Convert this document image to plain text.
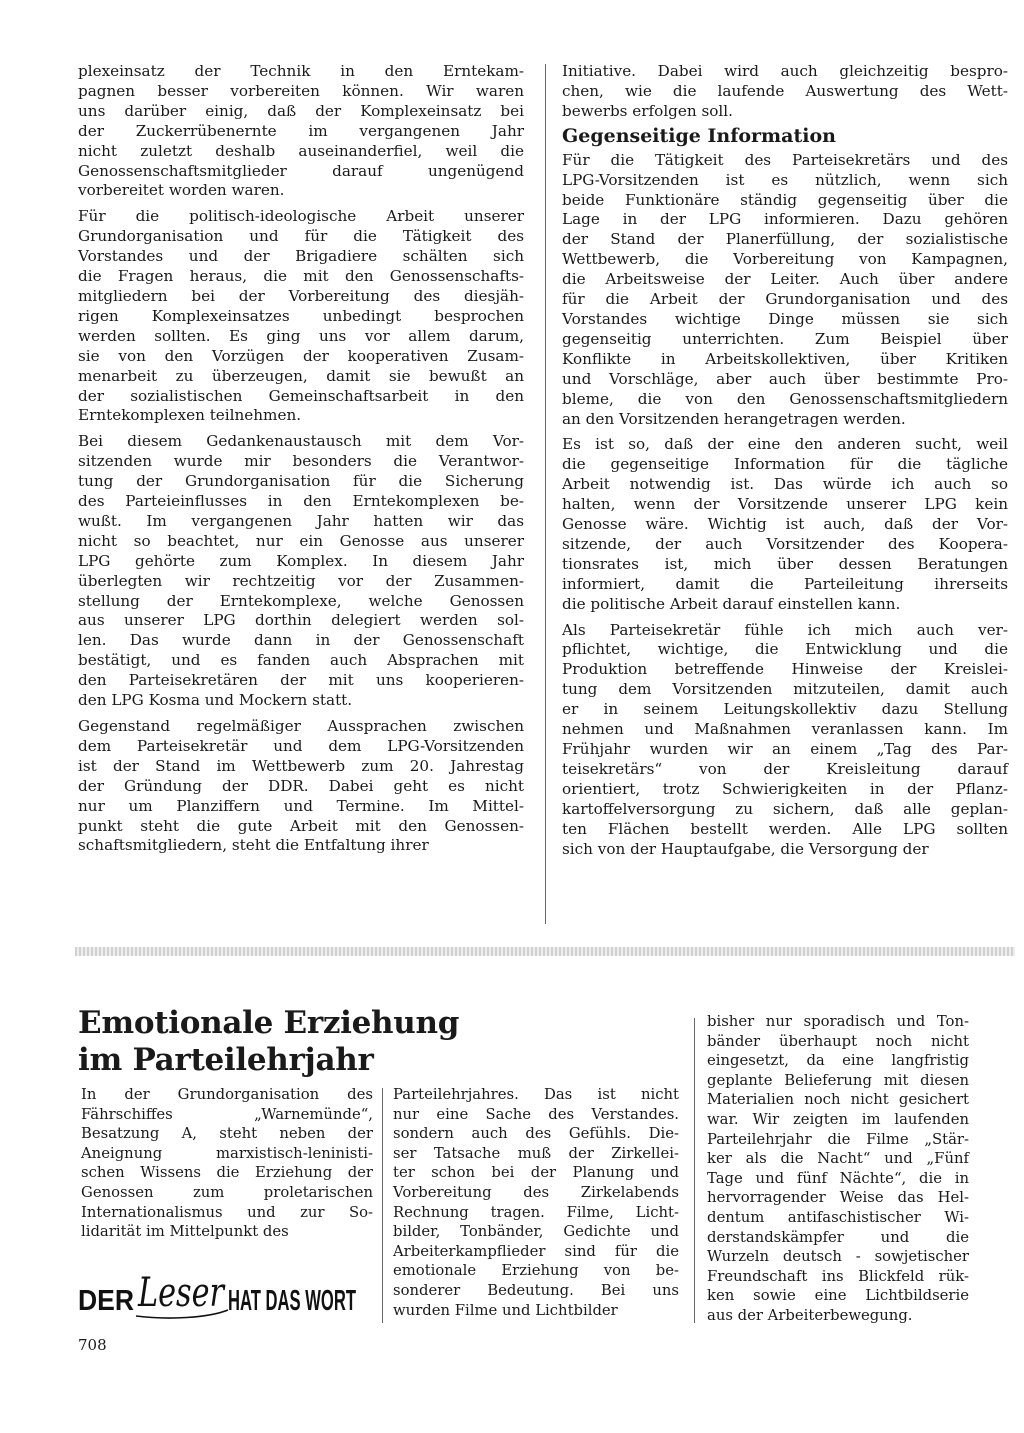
plexeinsatz der Technik in den Erntekam-
pagnen besser vorbereiten können. Wir waren
uns darüber einig, daß der Komplexeinsatz bei
der Zuckerrübenernte im vergangenen Jahr
nicht zuletzt deshalb auseinanderfiel, weil die
Genossenschaftsmitglieder darauf ungenügend
vorbereitet worden waren.
Für die politisch-ideologische Arbeit unserer
Grundorganisation und für die Tätigkeit des
Vorstandes und der Brigadiere schälten sich
die Fragen heraus, die mit den Genossenschafts-
mitgliedern bei der Vorbereitung des diesjäh-
rigen Komplexeinsatzes unbedingt besprochen
werden sollten. Es ging uns vor allem darum,
sie von den Vorzügen der kooperativen Zusam-
menarbeit zu überzeugen, damit sie bewußt an
der sozialistischen Gemeinschaftsarbeit in den
Erntekomplexen teilnehmen.
Bei diesem Gedankenaustausch mit dem Vor-
sitzenden wurde mir besonders die Verantwor-
tung der Grundorganisation für die Sicherung
des Parteieinflusses in den Erntekomplexen be-
wußt. Im vergangenen Jahr hatten wir das
nicht so beachtet, nur ein Genosse aus unserer
LPG gehörte zum Komplex. In diesem Jahr
überlegten wir rechtzeitig vor der Zusammen-
stellung der Erntekomplexe, welche Genossen
aus unserer LPG dorthin delegiert werden sol-
len. Das wurde dann in der Genossenschaft
bestätigt, und es fanden auch Absprachen mit
den Parteisekretären der mit uns kooperieren-
den LPG Kosma und Mockern statt.
Gegenstand regelmäßiger Aussprachen zwischen
dem Parteisekretär und dem LPG-Vorsitzenden
ist der Stand im Wettbewerb zum 20. Jahrestag
der Gründung der DDR. Dabei geht es nicht
nur um Planziffern und Termine. Im Mittel-
punkt steht die gute Arbeit mit den Genossen-
schaftsmitgliedern, steht die Entfaltung ihrer
Initiative. Dabei wird auch gleichzeitig bespro-
chen, wie die laufende Auswertung des Wett-
bewerbs erfolgen soll.
Gegenseitige Information
Für die Tätigkeit des Parteisekretärs und des
LPG-Vorsitzenden ist es nützlich, wenn sich
beide Funktionäre ständig gegenseitig über die
Lage in der LPG informieren. Dazu gehören
der Stand der Planerfüllung, der sozialistische
Wettbewerb, die Vorbereitung von Kampagnen,
die Arbeitsweise der Leiter. Auch über andere
für die Arbeit der Grundorganisation und des
Vorstandes wichtige Dinge müssen sie sich
gegenseitig unterrichten. Zum Beispiel über
Konflikte in Arbeitskollektiven, über Kritiken
und Vorschläge, aber auch über bestimmte Pro-
bleme, die von den Genossenschaftsmitgliedern
an den Vorsitzenden herangetragen werden.
Es ist so, daß der eine den anderen sucht, weil
die gegenseitige Information für die tägliche
Arbeit notwendig ist. Das würde ich auch so
halten, wenn der Vorsitzende unserer LPG kein
Genosse wäre. Wichtig ist auch, daß der Vor-
sitzende, der auch Vorsitzender des Koopera-
tionsrates ist, mich über dessen Beratungen
informiert, damit die Parteileitung ihrerseits
die politische Arbeit darauf einstellen kann.
Als Parteisekretär fühle ich mich auch ver-
pflichtet, wichtige, die Entwicklung und die
Produktion betreffende Hinweise der Kreislei-
tung dem Vorsitzenden mitzuteilen, damit auch
er in seinem Leitungskollektiv dazu Stellung
nehmen und Maßnahmen veranlassen kann. Im
Frühjahr wurden wir an einem „Tag des Par-
teisekretärs“ von der Kreisleitung darauf
orientiert, trotz Schwierigkeiten in der Pflanz-
kartoffelversorgung zu sichern, daß alle geplan-
ten Flächen bestellt werden. Alle LPG sollten
sich von der Hauptaufgabe, die Versorgung der
Emotionale Erziehung
im Parteilehrjahr
In der Grundorganisation des
Fährschiffes „Warnemünde“,
Besatzung A, steht neben der
Aneignung marxistisch-leninisti-
schen Wissens die Erziehung der
Genossen zum proletarischen
Internationalismus und zur So-
lidarität im Mittelpunkt des
Parteilehrjahres. Das ist nicht
nur eine Sache des Verstandes.
sondern auch des Gefühls. Die-
ser Tatsache muß der Zirkellei-
ter schon bei der Planung und
Vorbereitung des Zirkelabends
Rechnung tragen. Filme, Licht-
bilder, Tonbänder, Gedichte und
Arbeiterkampflieder sind für die
emotionale Erziehung von be-
sonderer Bedeutung. Bei uns
wurden Filme und Lichtbilder
bisher nur sporadisch und Ton-
bänder überhaupt noch nicht
eingesetzt, da eine langfristig
geplante Belieferung mit diesen
Materialien noch nicht gesichert
war. Wir zeigten im laufenden
Parteilehrjahr die Filme „Stär-
ker als die Nacht“ und „Fünf
Tage und fünf Nächte“, die in
hervorragender Weise das Hel-
dentum antifaschistischer Wi-
derstandskämpfer und die
Wurzeln deutsch - sowjetischer
Freundschaft ins Blickfeld rük-
ken sowie eine Lichtbildserie
aus der Arbeiterbewegung.
DER Leser HAT DAS WORT
708
